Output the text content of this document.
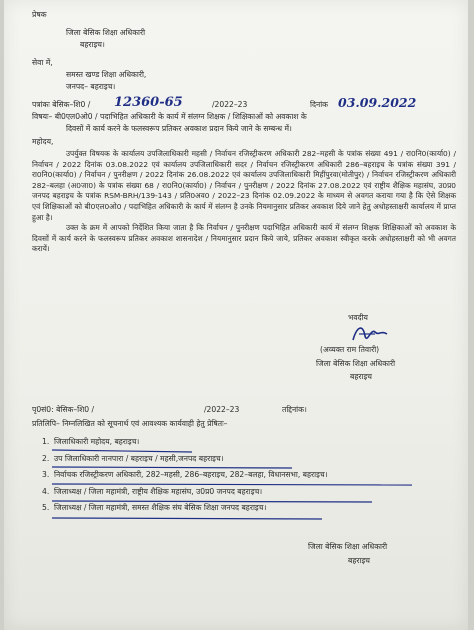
प्रेषक
जिला बेसिक शिक्षा अधिकारी
बहराइच।
सेवा में,
समस्त खण्ड शिक्षा अधिकारी,
जनपद– बहराइच।
पत्रांकः बेसिक–शि0 / 12360-65	/2022–23	दिनांक 03.09.2022
विषयः– बी0एल0ओ0 / पदाभिहित अधिकारी के कार्य में संलग्न शिक्षक / शिक्षिकाओं को अवकाश के
दिवसों में कार्य करने के फलस्वरूप प्रतिकर अवकाश प्रदान किये जाने के सम्बन्ध में।
महोदय,

उपर्युक्त विषयक के कार्यालय उपजिलाधिकारी महसी / निर्वाचन रजिस्ट्रीकरण अधिकारी 282–महसी के पत्रांक संख्या 491 / रा0नि0(कार्या0) / निर्वाचन / 2022 दिनांक 03.08.2022 एवं कार्यालय उपजिलाधिकारी सदर / निर्वाचन रजिस्ट्रीकरण अधिकारी 286–बहराइच के पत्रांक संख्या 391 / रा0नि0(कार्या0) / निर्वाचन / पुनरीक्षण / 2022 दिनांक 26.08.2022 एवं कार्यालय उपजिलाधिकारी मिहींपुरवा(मोतीपुर) / निर्वाचन रजिस्ट्रीकरण अधिकारी 282–बलहा (अ0जा0) के पत्रांक संख्या 68 / रा0नि0(कार्या0) / निर्वाचन / पुनरीक्षण / 2022 दिनांक 27.08.2022 एवं राष्ट्रीय शैक्षिक महासंघ, उ0प्र0 जनपद बहराइच के पत्रांक RSM-BRH/139-143 / प्रति0अव0 / 2022–23 दिनांक 02.09.2022 के माध्यम से अवगत कराया गया है कि ऐसे शिक्षक एवं शिक्षिकाओं को बी0एल0ओ0 / पदाभिहित अधिकारी के कार्य में संलग्न है उनके नियमानुसार प्रतिकर अवकाश दिये जाने हेतु अधोहस्ताक्षरी कार्यालय में प्राप्त हुआ है।

उक्त के क्रम में आपको निर्देशित किया जाता है कि निर्वाचन / पुनरीक्षण पदाभिहित अधिकारी कार्य में संलग्न शिक्षक शिक्षिकाओं को अवकाश के दिवसों में कार्य करने के फलस्वरूप प्रतिकर अवकाश शासनादेश / नियमानुसार प्रदान किये जाये, प्रतिकर अवकाश स्वीकृत करके अधोहस्ताक्षरी को भी अवगत करायें।

भवदीय
(अव्यक्त राम तिवारी)
जिला बेसिक शिक्षा अधिकारी
बहराइच
पृ0सं0: बेसिक–शि0 /	/2022–23	तद्दिनांक।
प्रतिलिपि– निम्नलिखित को सूचनार्थ एवं आवश्यक कार्यवाही हेतु प्रेषितः–
1. जिलाधिकारी महोदय, बहराइच।
2. उप जिलाधिकारी नानपारा / बहराइच / महसी,जनपद बहराइच।
3. निर्वाचक रजिस्ट्रीकरण अधिकारी, 282–महसी, 286–बहराइच, 282–बलहा, विधानसभा, बहराइच।
4. जिलाध्यक्ष / जिला महामंत्री, राष्ट्रीय शैक्षिक महासंघ, उ0प्र0 जनपद बहराइच।
5. जिलाध्यक्ष / जिला महामंत्री, समस्त शैक्षिक संघ बेसिक शिक्षा जनपद बहराइच।
जिला बेसिक शिक्षा अधिकारी
बहराइच
